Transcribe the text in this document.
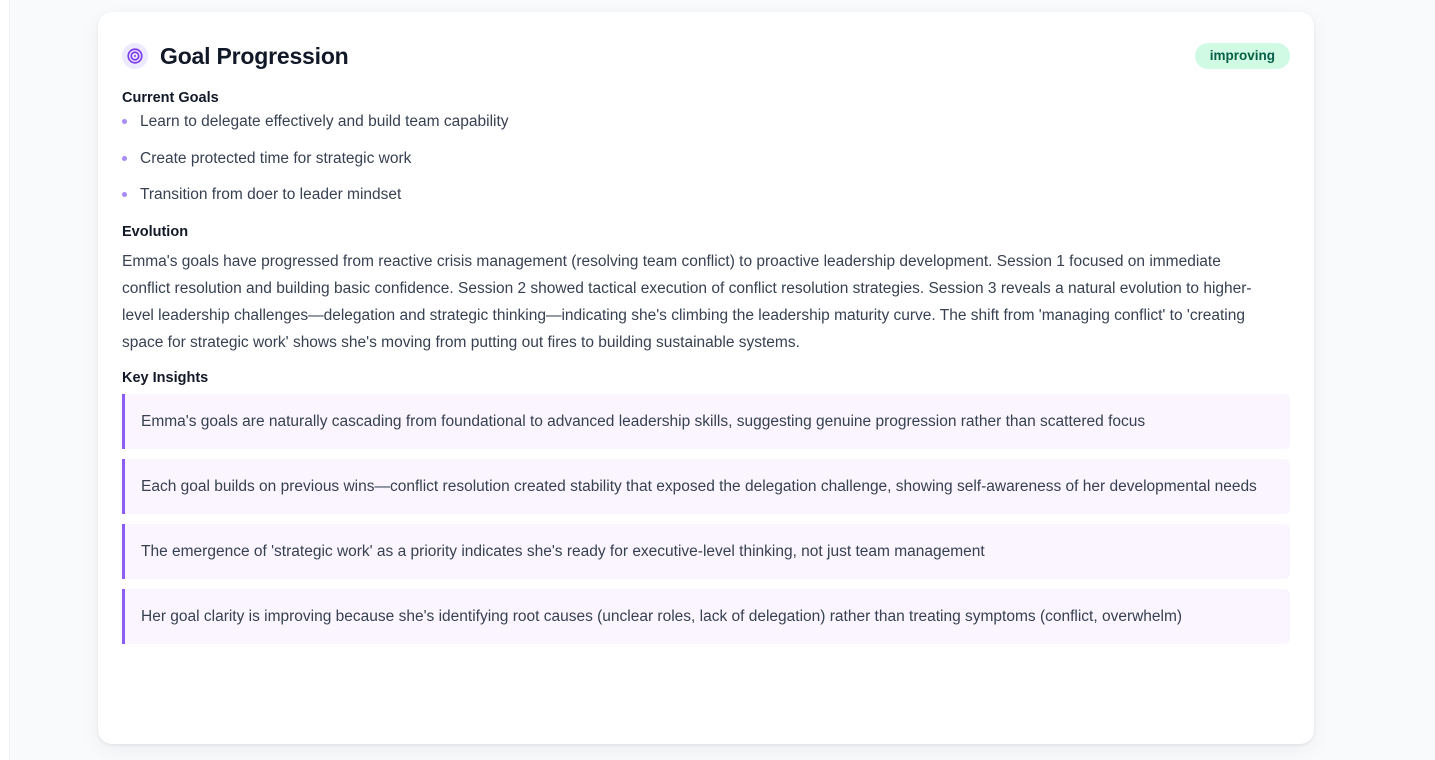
Goal Progression	improving
Current Goals
Learn to delegate effectively and build team capability
Create protected time for strategic work
Transition from doer to leader mindset
Evolution

Emma's goals have progressed from reactive crisis management (resolving team conflict) to proactive leadership development. Session 1 focused on immediate conflict resolution and building basic confidence. Session 2 showed tactical execution of conflict resolution strategies. Session 3 reveals a natural evolution to higher-level leadership challenges—delegation and strategic thinking—indicating she's climbing the leadership maturity curve. The shift from 'managing conflict' to 'creating space for strategic work' shows she's moving from putting out fires to building sustainable systems.

Key Insights
Emma's goals are naturally cascading from foundational to advanced leadership skills, suggesting genuine progression rather than scattered focus
Each goal builds on previous wins—conflict resolution created stability that exposed the delegation challenge, showing self-awareness of her developmental needs
The emergence of 'strategic work' as a priority indicates she's ready for executive-level thinking, not just team management
Her goal clarity is improving because she's identifying root causes (unclear roles, lack of delegation) rather than treating symptoms (conflict, overwhelm)
